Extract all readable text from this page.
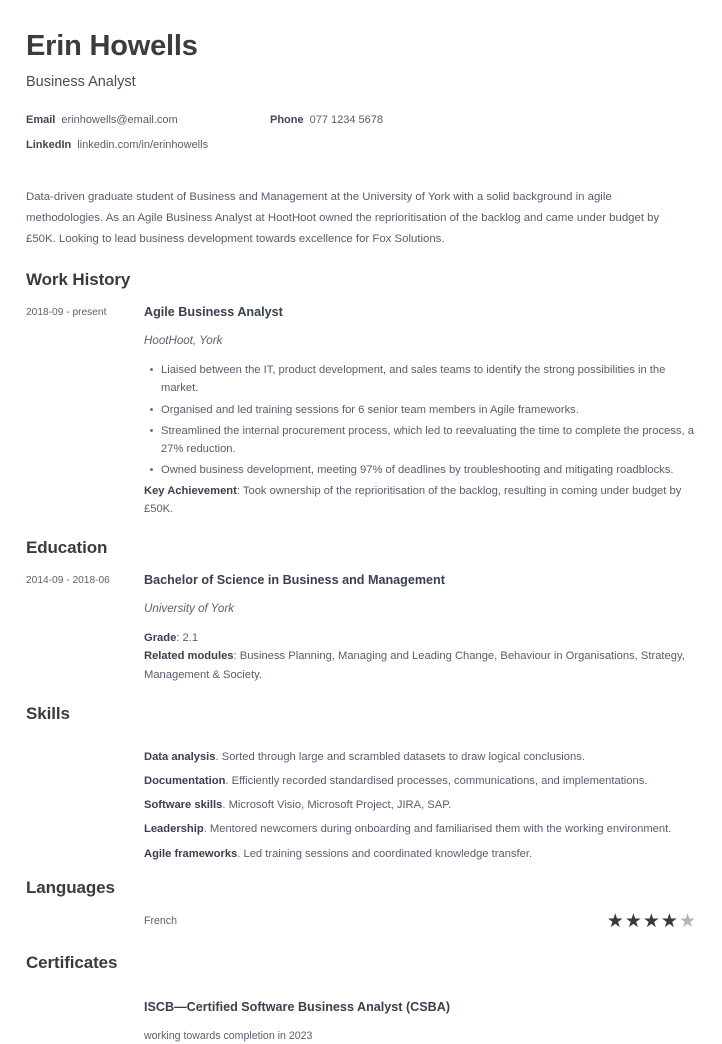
Erin Howells
Business Analyst
Email erinhowells@email.com	Phone 077 1234 5678
LinkedIn linkedin.com/in/erinhowells
Data-driven graduate student of Business and Management at the University of York with a solid background in agile methodologies. As an Agile Business Analyst at HootHoot owned the reprioritisation of the backlog and came under budget by £50K. Looking to lead business development towards excellence for Fox Solutions.
Work History
2018-09 - present	Agile Business Analyst
HootHoot, York
Liaised between the IT, product development, and sales teams to identify the strong possibilities in the market.
Organised and led training sessions for 6 senior team members in Agile frameworks.
Streamlined the internal procurement process, which led to reevaluating the time to complete the process, a 27% reduction.
Owned business development, meeting 97% of deadlines by troubleshooting and mitigating roadblocks.
Key Achievement: Took ownership of the reprioritisation of the backlog, resulting in coming under budget by £50K.
Education
2014-09 - 2018-06	Bachelor of Science in Business and Management
University of York
Grade: 2.1
Related modules: Business Planning, Managing and Leading Change, Behaviour in Organisations, Strategy, Management & Society.
Skills
Data analysis. Sorted through large and scrambled datasets to draw logical conclusions.
Documentation. Efficiently recorded standardised processes, communications, and implementations.
Software skills. Microsoft Visio, Microsoft Project, JIRA, SAP.
Leadership. Mentored newcomers during onboarding and familiarised them with the working environment.
Agile frameworks. Led training sessions and coordinated knowledge transfer.
Languages
French	★ ★ ★ ★ ★
Certificates
ISCB—Certified Software Business Analyst (CSBA)
working towards completion in 2023
